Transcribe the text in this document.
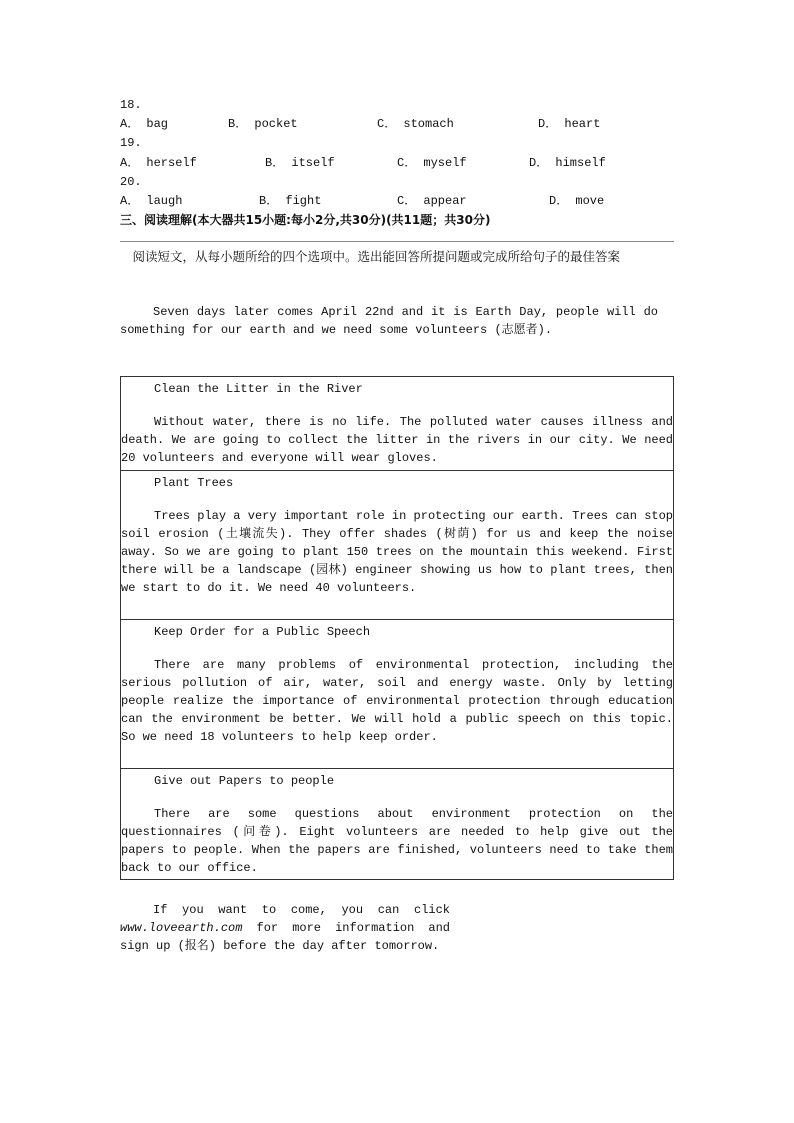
18.
A． bag	B． pocket	C． stomach	D． heart
19.
A． herself	B． itself	C． myself	D． himself
20.
A． laugh	B． fight	C． appear	D． move
三、阅读理解(本大器共15小题:每小2分,共30分)(共11题；共30分)
　阅读短文，从每小题所给的四个选项中。选出能回答所提问题或完成所给句子的最佳答案
Seven days later comes April 22nd and it is Earth Day, people will do something for our earth and we need some volunteers (志愿者).
Clean the Litter in the River
Without water, there is no life. The polluted water causes illness and death. We are going to collect the litter in the rivers in our city. We need 20 volunteers and everyone will wear gloves.
Plant Trees
Trees play a very important role in protecting our earth. Trees can stop soil erosion (土壤流失). They offer shades (树荫) for us and keep the noise away. So we are going to plant 150 trees on the mountain this weekend. First there will be a landscape (园林) engineer showing us how to plant trees, then we start to do it. We need 40 volunteers.
Keep Order for a Public Speech
There are many problems of environmental protection, including the serious pollution of air, water, soil and energy waste. Only by letting people realize the importance of environmental protection through education can the environment be better. We will hold a public speech on this topic. So we need 18 volunteers to help keep order.
Give out Papers to people
There are some questions about environment protection on the questionnaires (问卷). Eight volunteers are needed to help give out the papers to people. When the papers are finished, volunteers need to take them back to our office.
If you want to come, you can click www.loveearth.com for more information and sign up (报名) before the day after tomorrow.
